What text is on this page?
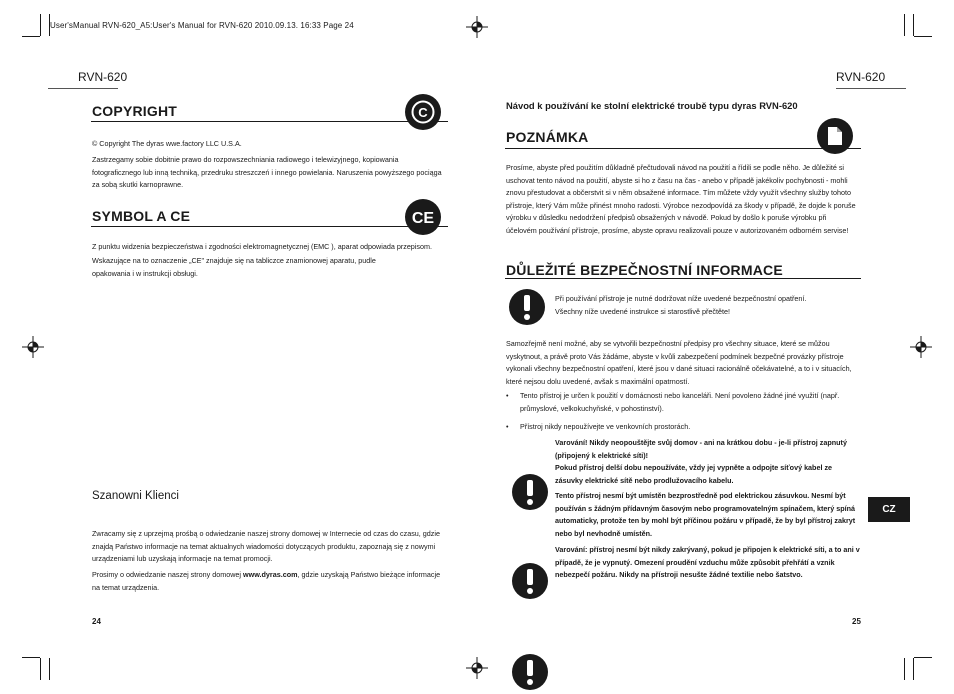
User'sManual RVN-620_A5:User's Manual for RVN-620 2010.09.13. 16:33 Page 24
RVN-620
COPYRIGHT	C
© Copyright The dyras wwe.factory LLC U.S.A.
Zastrzegamy sobie dobitnie prawo do rozpowszechniania radiowego i telewizyjnego, kopiowania fotograficznego lub inną techniką, przedruku streszczeń i innego powielania. Naruszenia powyższego pociąga za sobą skutki karnoprawne.
SYMBOL A CE	CE
Z punktu widzenia bezpieczeństwa i zgodności elektromagnetycznej (EMC ), aparat odpowiada przepisom.
Wskazujące na to oznaczenie „CE" znajduje się na tabliczce znamionowej aparatu, pudle opakowania i w instrukcji obsługi.
Szanowni Klienci
Zwracamy się z uprzejmą prośbą o odwiedzanie naszej strony domowej w Internecie od czas do czasu, gdzie znajdą Państwo informacje na temat aktualnych wiadomości dotyczących produktu, zapoznają się z nowymi urządzeniami lub uzyskają informacje na temat promocji.
Prosimy o odwiedzanie naszej strony domowej www.dyras.com, gdzie uzyskają Państwo bieżące informacje na temat urządzenia.
24
RVN-620
Návod k používání ke stolní elektrické troubě typu dyras RVN-620
POZNÁMKA
Prosíme, abyste před použitím důkladně přečtudovali návod na použití a řídili se podle něho. Je důležité si uschovat tento návod na použití, abyste si ho z času na čas - anebo v případě jakékoliv pochybnosti - mohli znovu přestudovat a občerstvit si v něm obsažené informace. Tím můžete vždy využít všechny služby tohoto přístroje, který Vám může přinést mnoho radosti. Výrobce nezodpovídá za škody v případě, že dojde k poruše výrobku v důsledku nedodržení předpisů obsažených v návodě. Pokud by došlo k poruše výrobku při účelovém používání přístroje, prosíme, abyste opravu realizovali pouze v autorizovaném odborném servise!
DŮLEŽITÉ BEZPEČNOSTNÍ INFORMACE
Při používání přístroje je nutné dodržovat níže uvedené bezpečnostní opatření.
Všechny níže uvedené instrukce si starostlivě přečtěte!
Samozřejmě není možné, aby se vytvořili bezpečnostní předpisy pro všechny situace, které se můžou vyskytnout, a právě proto Vás žádáme, abyste v kvůli zabezpečení podmínek bezpečné provázky přístroje vykonali všechny bezpečnostní opatření, které jsou v dané situaci racionálně očekávatelné, a to i v situacích, které nejsou dolu uvedené, avšak s maximální opatrností.
• Tento přístroj je určen k použití v domácnosti nebo kanceláři. Není povoleno žádné jiné využití (např. průmyslové, velkokuchyňské, v pohostinství).
• Přístroj nikdy nepoužívejte ve venkovních prostorách.
Varování! Nikdy neopouštějte svůj domov - ani na krátkou dobu - je-li přístroj zapnutý (připojený k elektrické síti)!
Pokud přístroj delší dobu nepoužíváte, vždy jej vypněte a odpojte síťový kabel ze zásuvky elektrické sítě nebo prodlužovacího kabelu.
Tento přístroj nesmí být umístěn bezprostředně pod elektrickou zásuvkou. Nesmí být používán s žádným přídavným časovým nebo programovatelným spínačem, který spíná automaticky, protože ten by mohl být příčinou požáru v případě, že by byl přístroj zakryt nebo byl nevhodně umístěn.
Varování: přístroj nesmí být nikdy zakrývaný, pokud je připojen k elektrické síti, a to ani v případě, že je vypnutý. Omezení proudění vzduchu může způsobit přehřátí a vznik nebezpečí požáru. Nikdy na přístroji nesušte žádné textilie nebo šatstvo.
CZ
25
